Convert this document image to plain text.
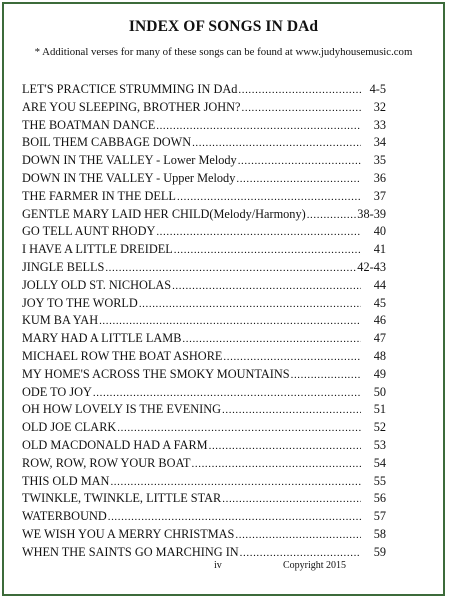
INDEX OF SONGS IN DAd
* Additional verses for many of these songs can be found at www.judyhousemusic.com
LET'S PRACTICE STRUMMING IN DAd .....	4-5
ARE YOU SLEEPING, BROTHER JOHN? .....	32
THE BOATMAN DANCE .....	33
BOIL THEM CABBAGE DOWN .....	34
DOWN IN THE VALLEY - Lower Melody .....	35
DOWN IN THE VALLEY - Upper Melody .....	36
THE FARMER IN THE DELL .....	37
GENTLE MARY LAID HER CHILD(Melody/Harmony) .....	38-39
GO TELL AUNT RHODY .....	40
I HAVE A LITTLE DREIDEL .....	41
JINGLE BELLS .....	42-43
JOLLY OLD ST. NICHOLAS .....	44
JOY TO THE WORLD .....	45
KUM BA YAH .....	46
MARY HAD A LITTLE LAMB .....	47
MICHAEL ROW THE BOAT ASHORE .....	48
MY HOME'S ACROSS THE SMOKY MOUNTAINS .....	49
ODE TO JOY .....	50
OH HOW LOVELY IS THE EVENING .....	51
OLD JOE CLARK .....	52
OLD MACDONALD HAD A FARM .....	53
ROW, ROW, ROW YOUR BOAT .....	54
THIS OLD MAN .....	55
TWINKLE, TWINKLE, LITTLE STAR .....	56
WATERBOUND .....	57
WE WISH YOU A MERRY CHRISTMAS .....	58
WHEN THE SAINTS GO MARCHING IN .....	59
iv	Copyright 2015
